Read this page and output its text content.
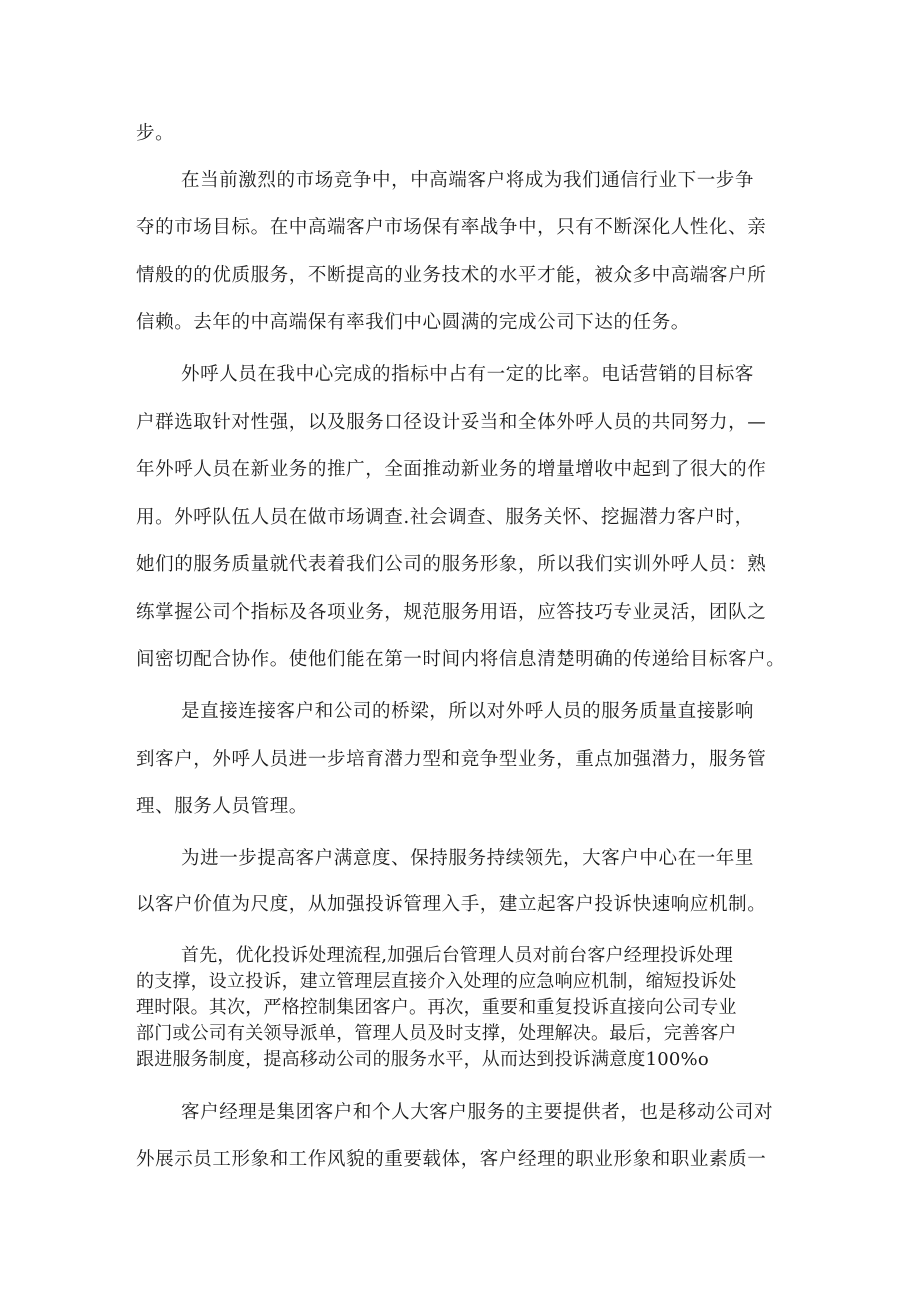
步。
在当前激烈的市场竞争中，中高端客户将成为我们通信行业下一步争
夺的市场目标。在中高端客户市场保有率战争中，只有不断深化人性化、亲
情般的的优质服务，不断提高的业务技术的水平才能，被众多中高端客户所
信赖。去年的中高端保有率我们中心圆满的完成公司下达的任务。
外呼人员在我中心完成的指标中占有一定的比率。电话营销的目标客
户群选取针对性强，以及服务口径设计妥当和全体外呼人员的共同努力，—
年外呼人员在新业务的推广，全面推动新业务的增量增收中起到了很大的作
用。外呼队伍人员在做市场调查.社会调查、服务关怀、挖掘潜力客户时，
她们的服务质量就代表着我们公司的服务形象，所以我们实训外呼人员：熟
练掌握公司个指标及各项业务，规范服务用语，应答技巧专业灵活，团队之
间密切配合协作。使他们能在第一时间内将信息清楚明确的传递给目标客户。
是直接连接客户和公司的桥梁，所以对外呼人员的服务质量直接影响
到客户，外呼人员进一步培育潜力型和竞争型业务，重点加强潜力，服务管
理、服务人员管理。
为进一步提高客户满意度、保持服务持续领先，大客户中心在一年里
以客户价值为尺度，从加强投诉管理入手，建立起客户投诉快速响应机制。
首先，优化投诉处理流程,加强后台管理人员对前台客户经理投诉处理
的支撑，设立投诉，建立管理层直接介入处理的应急响应机制，缩短投诉处
理时限。其次，严格控制集团客户。再次，重要和重复投诉直接向公司专业
部门或公司有关领导派单，管理人员及时支撑，处理解决。最后，完善客户
跟进服务制度，提高移动公司的服务水平，从而达到投诉满意度100%o
客户经理是集团客户和个人大客户服务的主要提供者，也是移动公司对
外展示员工形象和工作风貌的重要载体，客户经理的职业形象和职业素质一
